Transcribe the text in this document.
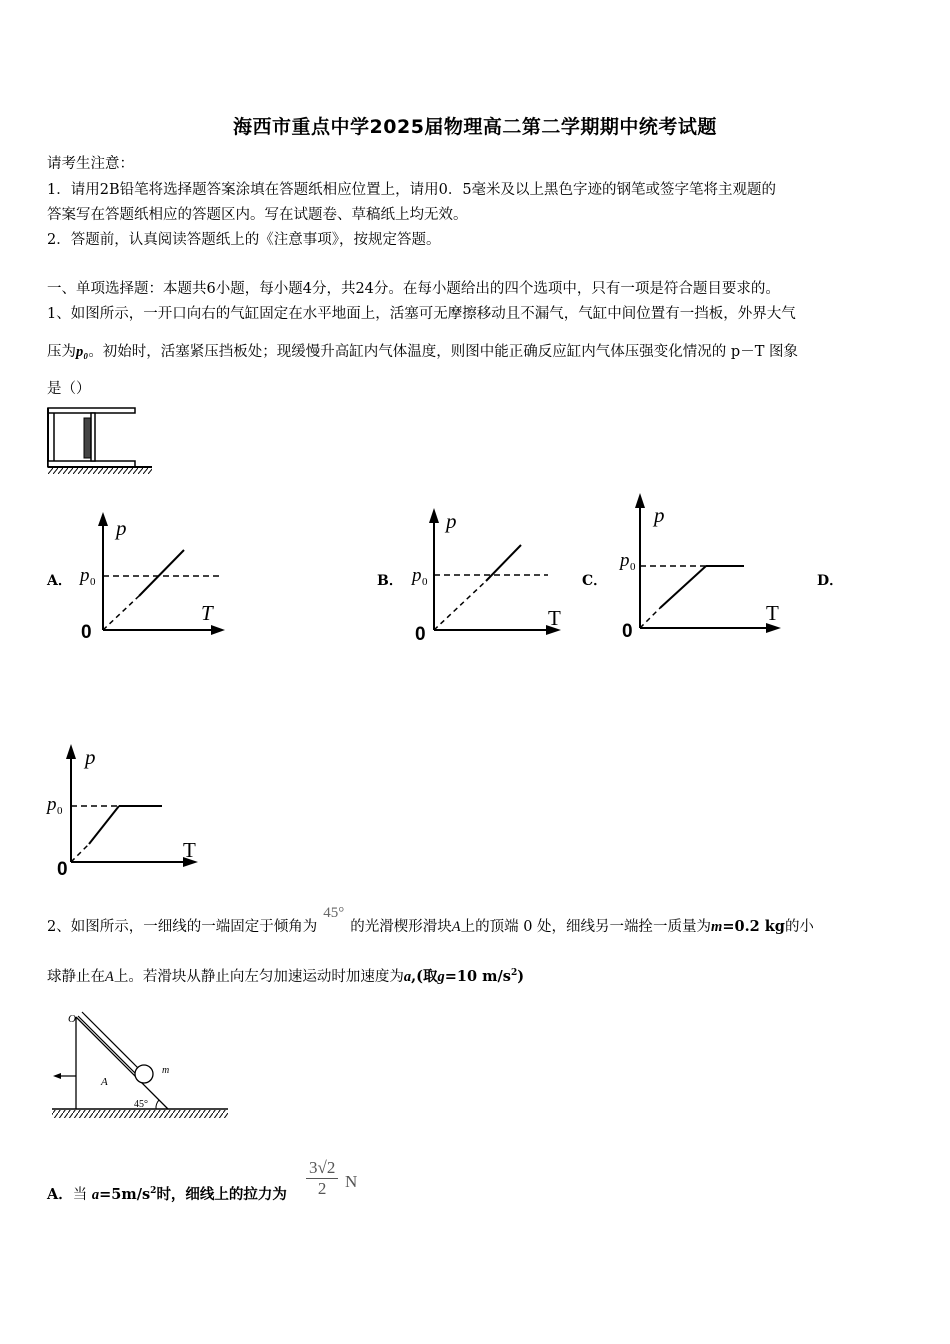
海西市重点中学2025届物理高二第二学期期中统考试题
请考生注意：
1．请用2B铅笔将选择题答案涂填在答题纸相应位置上，请用0．5毫米及以上黑色字迹的钢笔或签字笔将主观题的
答案写在答题纸相应的答题区内。写在试题卷、草稿纸上均无效。
2．答题前，认真阅读答题纸上的《注意事项》，按规定答题。
一、单项选择题：本题共6小题，每小题4分，共24分。在每小题给出的四个选项中，只有一项是符合题目要求的。
1、如图所示，一开口向右的气缸固定在水平地面上，活塞可无摩擦移动且不漏气，气缸中间位置有一挡板，外界大气
压为p₀。初始时，活塞紧压挡板处；现缓慢升高缸内气体温度，则图中能正确反应缸内气体压强变化情况的 p－T 图象
是（）
A．	B．	C．	D．
p
T
0
p 0
p
T
0
p 0
p
T
0
p 0
p
T
0
p 0
2、如图所示，一细线的一端固定于倾角为45°的光滑楔形滑块A上的顶端 0 处，细线另一端拴一质量为m=0.2 kg的小
球静止在A上。若滑块从静止向左匀加速运动时加速度为a,(取g=10 $m/s^2$)
O
A
m
45°
A．当 $a=5m/s^2$时，细线上的拉力为 $\frac{3√2}{2}$ N
